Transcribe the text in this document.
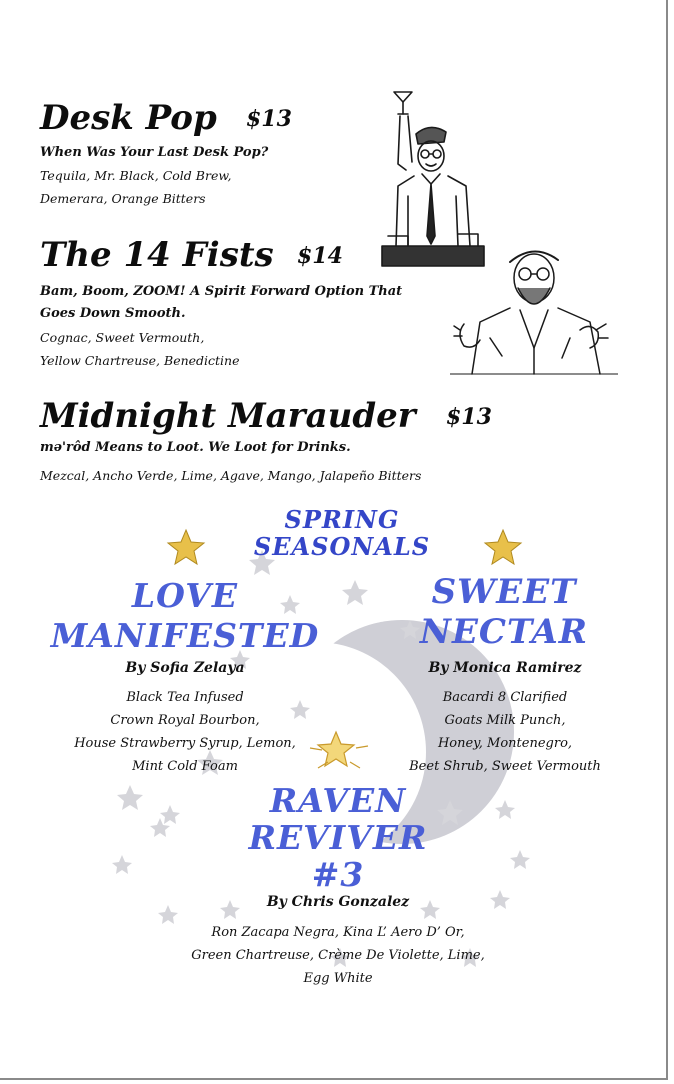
Desk Pop $13
When Was Your Last Desk Pop?
Tequila, Mr. Black, Cold Brew,
Demerara, Orange Bitters
The 14 Fists $14
Bam, Boom, ZOOM! A Spirit Forward Option That
Goes Down Smooth.
Cognac, Sweet Vermouth,
Yellow Chartreuse, Benedictine
Midnight Marauder $13
mə'rôd Means to Loot. We Loot for Drinks.
Mezcal, Ancho Verde, Lime, Agave, Mango, Jalapeño Bitters
SPRING
SEASONALS
LOVE
MANIFESTED
By Sofia Zelaya
Black Tea Infused
Crown Royal Bourbon,
House Strawberry Syrup, Lemon,
Mint Cold Foam
SWEET
NECTAR
By Monica Ramirez
Bacardi 8 Clarified
Goats Milk Punch,
Honey, Montenegro,
Beet Shrub, Sweet Vermouth
RAVEN
REVIVER
#3
By Chris Gonzalez
Ron Zacapa Negra, Kina L’ Aero D’ Or,
Green Chartreuse, Crème De Violette, Lime,
Egg White
